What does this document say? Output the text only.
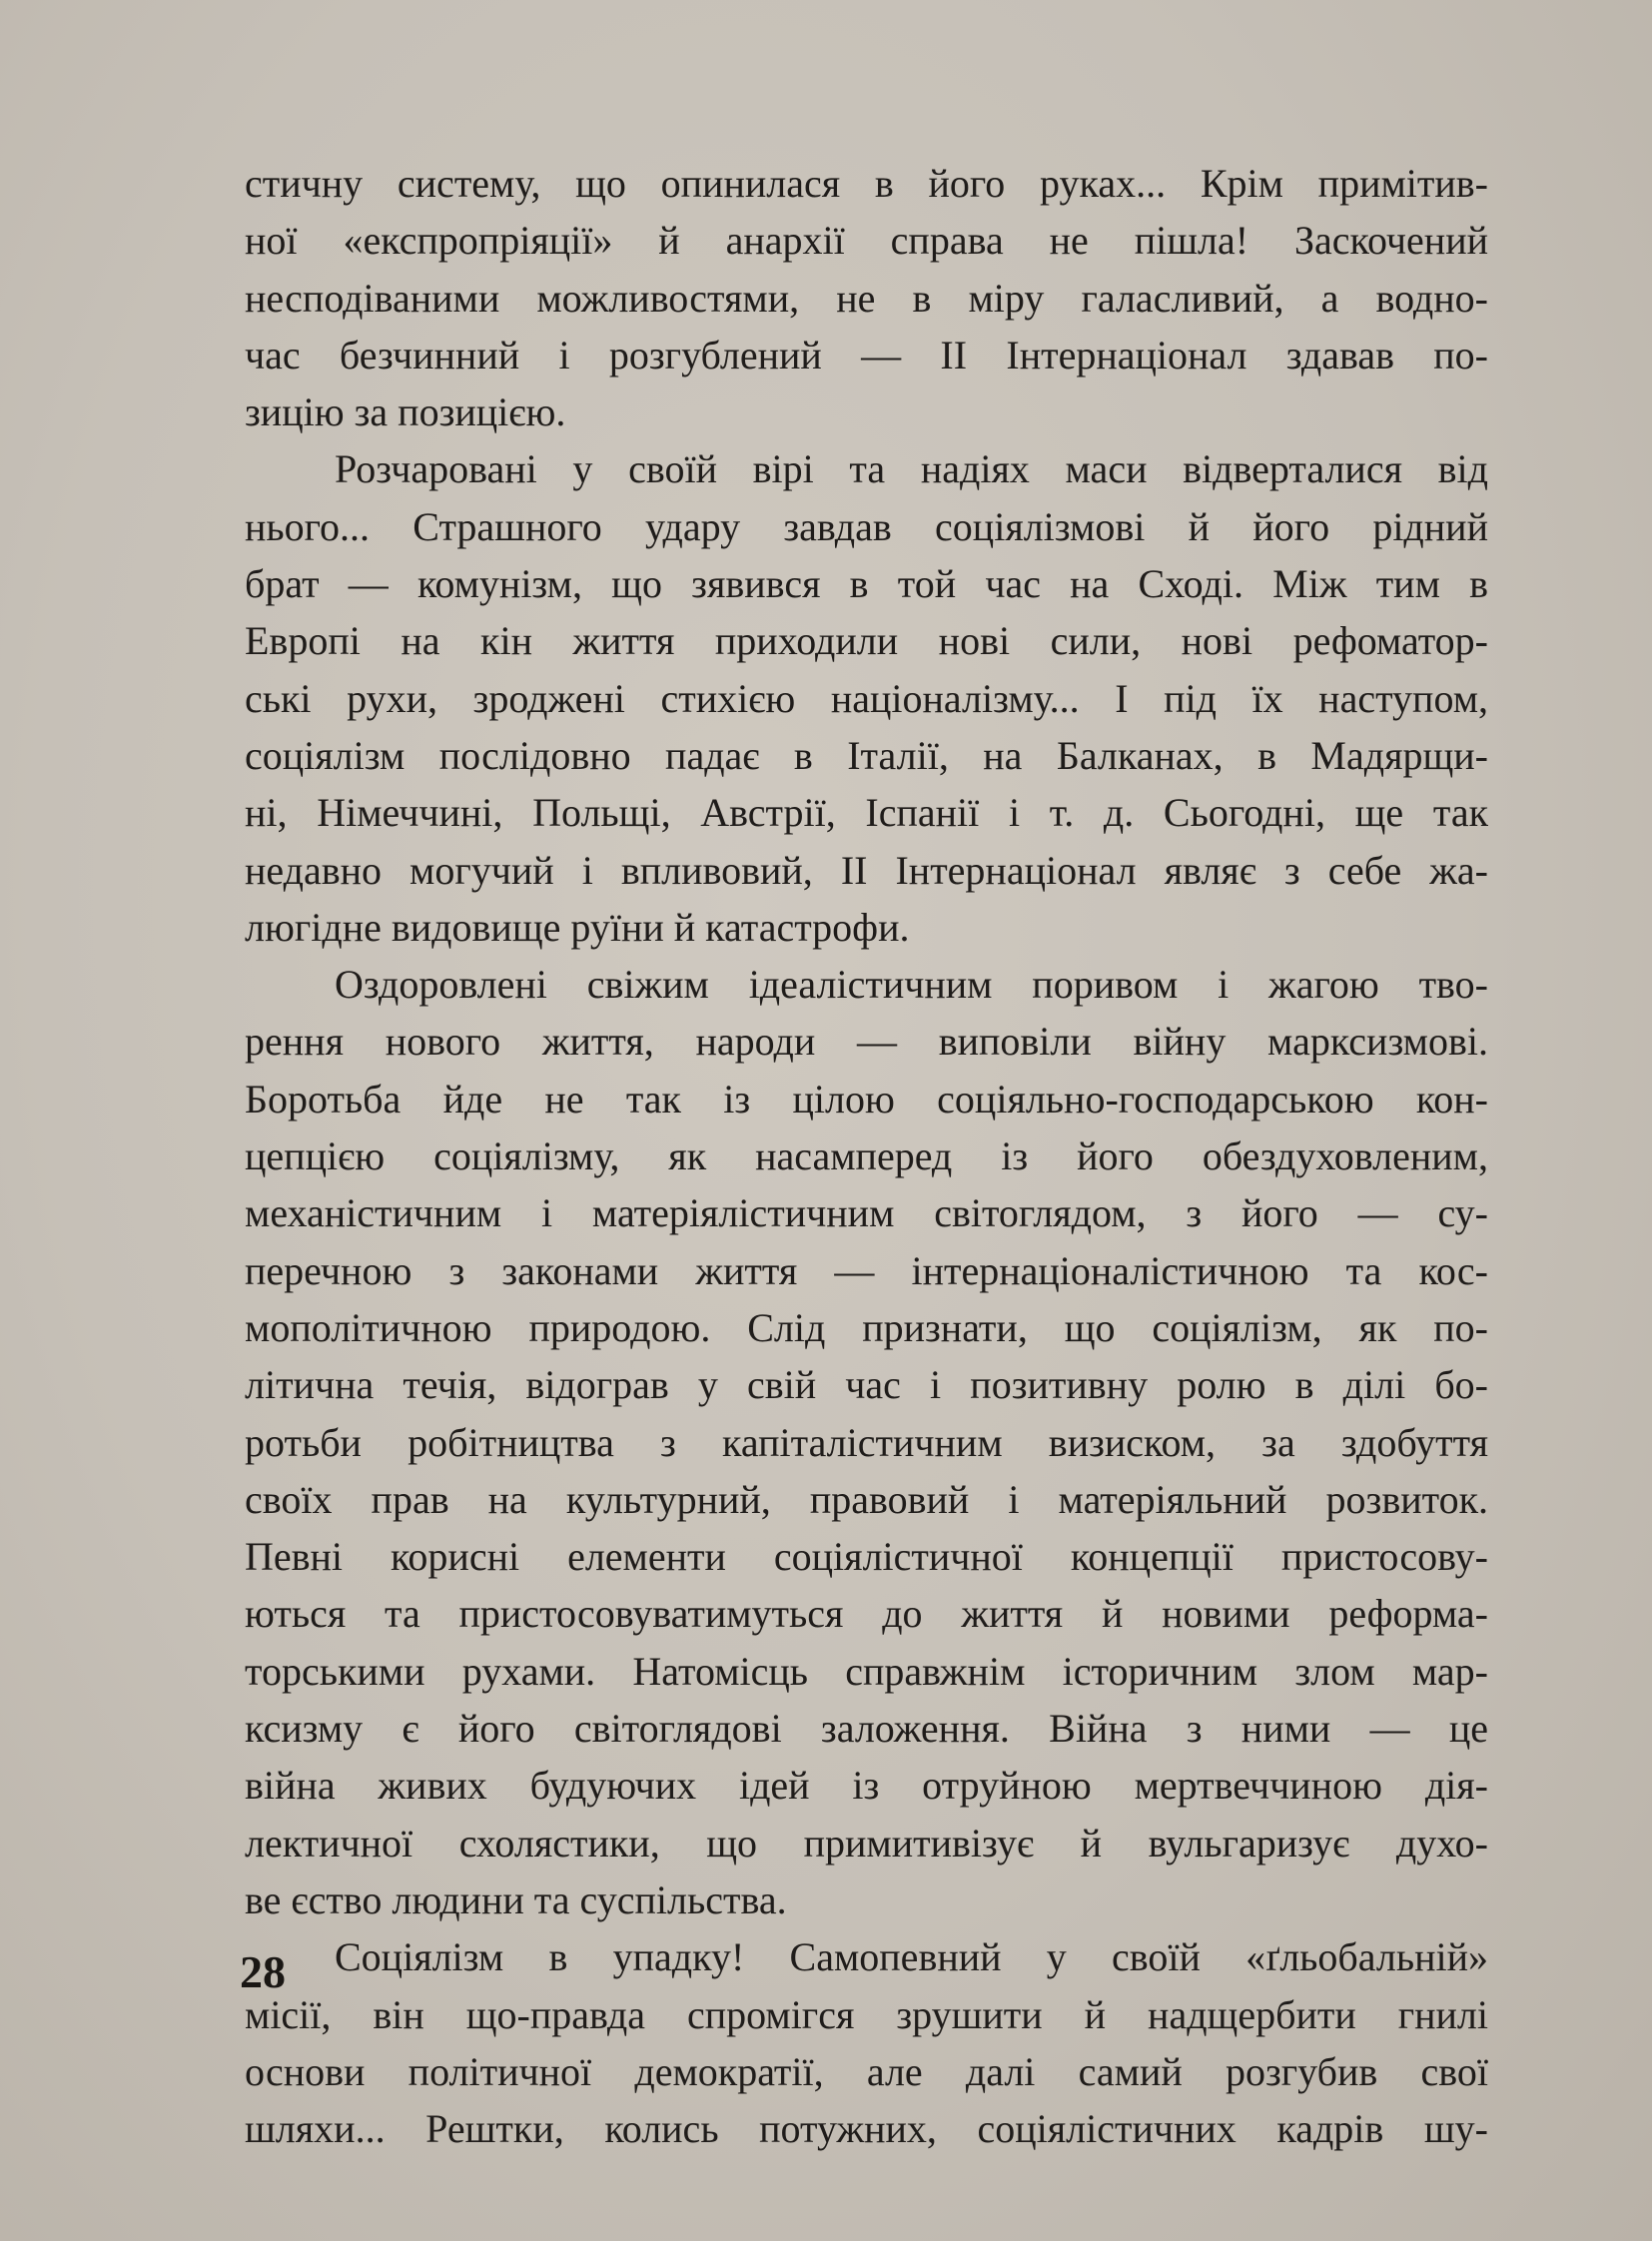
стичну систему, що опинилася в його руках... Крім примітив-
ної «експропріяції» й анархії справа не пішла! Заскочений
несподіваними можливостями, не в міру галасливий, а водно-
час безчинний і розгублений — II Інтернаціонал здавав по-
зицію за позицією.
Розчаровані у своїй вірі та надіях маси відверталися від
нього... Страшного удару завдав соціялізмові й його рідний
брат — комунізм, що зявився в той час на Сході. Між тим в
Европі на кін життя приходили нові сили, нові рефоматор-
ські рухи, зроджені стихією націоналізму... І під їх наступом,
соціялізм послідовно падає в Італії, на Балканах, в Мадярщи-
ні, Німеччині, Польщі, Австрії, Іспанії і т. д. Сьогодні, ще так
недавно могучий і впливовий, II Інтернаціонал являє з себе жа-
люгідне видовище руїни й катастрофи.
Оздоровлені свіжим ідеалістичним поривом і жагою тво-
рення нового життя, народи — виповіли війну марксизмові.
Боротьба йде не так із цілою соціяльно-господарською кон-
цепцією соціялізму, як насамперед із його обездуховленим,
механістичним і матеріялістичним світоглядом, з його — су-
перечною з законами життя — інтернаціоналістичною та кос-
мополітичною природою. Слід признати, що соціялізм, як по-
літична течія, відограв у свій час і позитивну ролю в ділі бо-
ротьби робітництва з капіталістичним визиском, за здобуття
своїх прав на культурний, правовий і матеріяльний розвиток.
Певні корисні елементи соціялістичної концепції пристосову-
ються та пристосовуватимуться до життя й новими реформа-
торськими рухами. Натомісць справжнім історичним злом мар-
ксизму є його світоглядові заложення. Війна з ними — це
війна живих будуючих ідей із отруйною мертвеччиною дія-
лектичної схолястики, що примитивізує й вульгаризує духо-
ве єство людини та суспільства.
Соціялізм в упадку! Самопевний у своїй «ґльобальній»
місії, він що-правда спромігся зрушити й надщербити гнилі
основи політичної демократії, але далі самий розгубив свої
шляхи... Рештки, колись потужних, соціялістичних кадрів шу-
28
